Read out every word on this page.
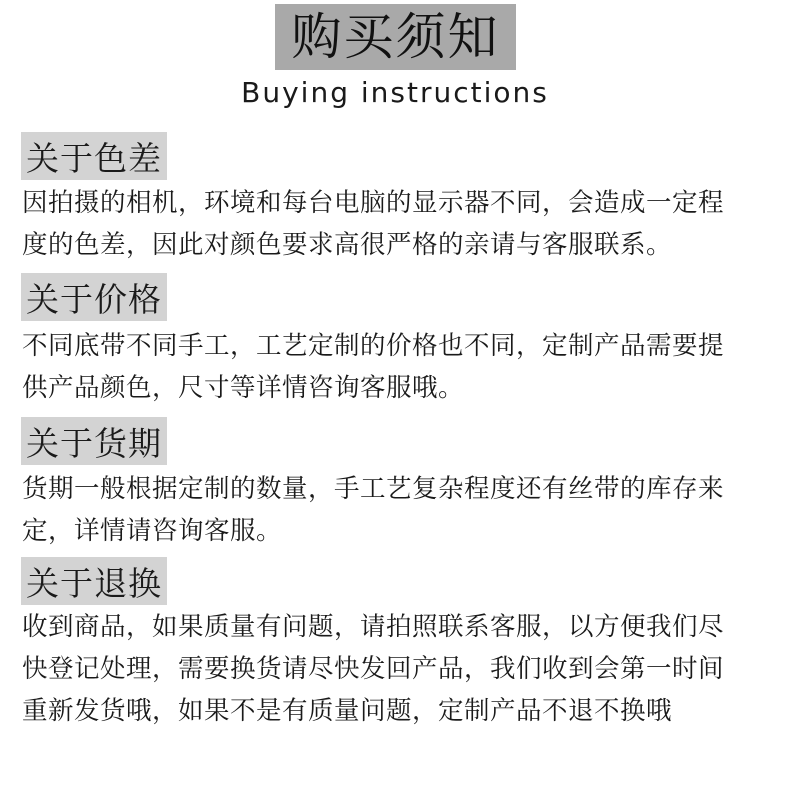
购买须知
Buying instructions
关于色差
因拍摄的相机，环境和每台电脑的显示器不同，会造成一定程
度的色差，因此对颜色要求高很严格的亲请与客服联系。
关于价格
不同底带不同手工，工艺定制的价格也不同，定制产品需要提
供产品颜色，尺寸等详情咨询客服哦。
关于货期
货期一般根据定制的数量，手工艺复杂程度还有丝带的库存来
定，详情请咨询客服。
关于退换
收到商品，如果质量有问题，请拍照联系客服，以方便我们尽
快登记处理，需要换货请尽快发回产品，我们收到会第一时间
重新发货哦，如果不是有质量问题，定制产品不退不换哦
